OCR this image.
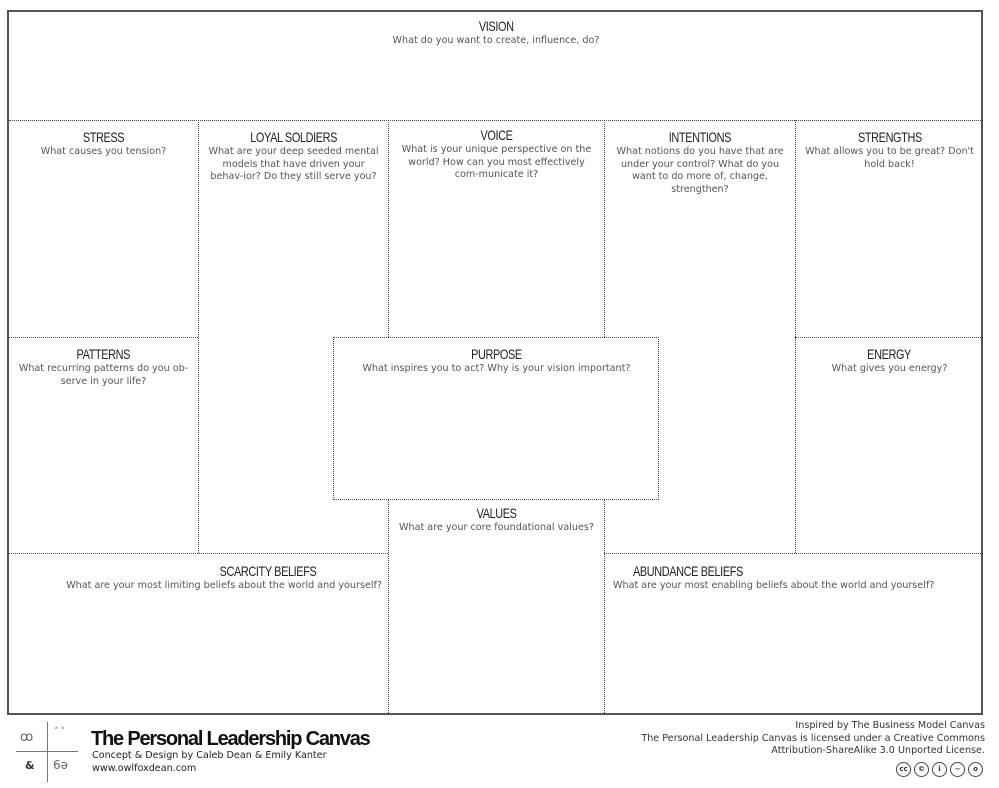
VISION
What do you want to create, influence, do?
STRESS
What causes you tension?
LOYAL SOLDIERS
What are your deep seeded mental models that have driven your behav-ior? Do they still serve you?
VOICE
What is your unique perspective on the world? How can you most effectively com-municate it?
INTENTIONS
What notions do you have that are under your control? What do you want to do more of, change, strengthen?
STRENGTHS
What allows you to be great? Don't hold back!
PATTERNS
What recurring patterns do you ob-serve in your life?
PURPOSE
What inspires you to act? Why is your vision important?
ENERGY
What gives you energy?
VALUES
What are your core foundational values?
SCARCITY BELIEFS
What are your most limiting beliefs about the world and yourself?
ABUNDANCE BELIEFS
What are your most enabling beliefs about the world and yourself?
ꝏ ˄˄
& 6ə
The Personal Leadership Canvas
Concept & Design by Caleb Dean & Emily Kanter
www.owlfoxdean.com
Inspired by The Business Model Canvas
The Personal Leadership Canvas is licensed under a Creative Commons
Attribution-ShareAlike 3.0 Unported License.
cc	©	i	~	o
